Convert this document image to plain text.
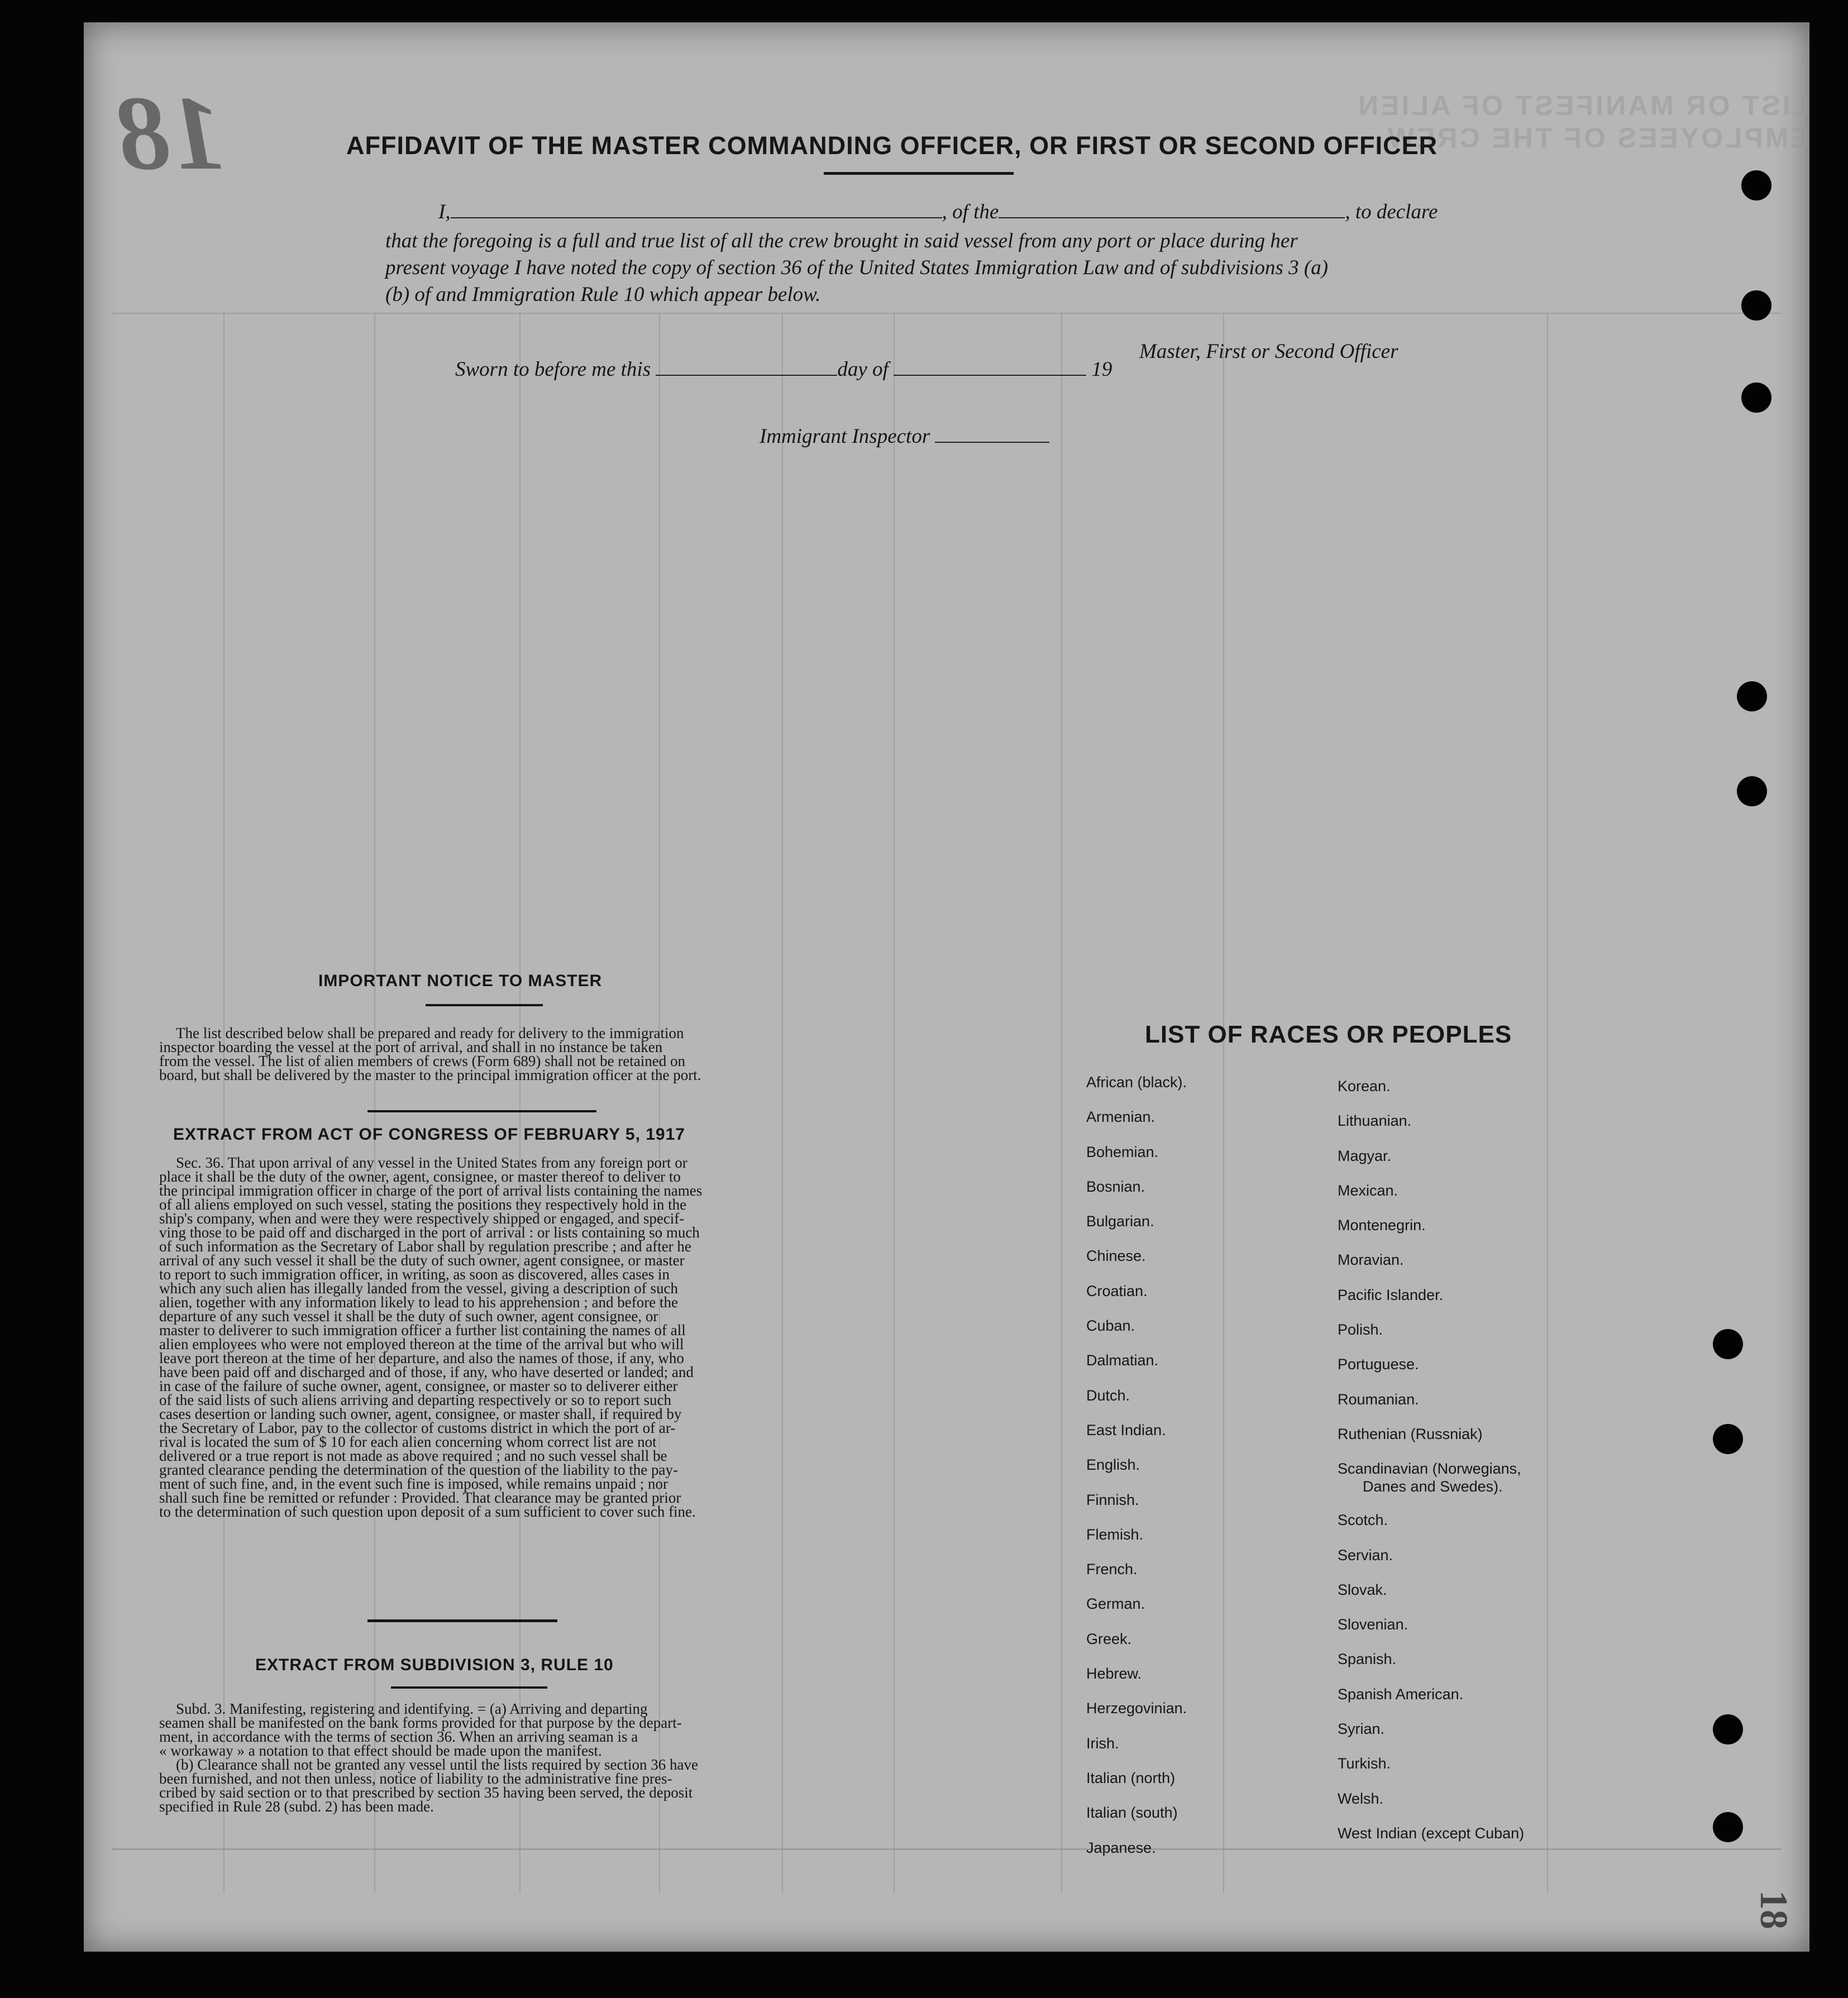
LIST OR MANIFEST OF ALIEN EMPLOYEES OF THE CREW
18
18
AFFIDAVIT OF THE MASTER COMMANDING OFFICER, OR FIRST OR SECOND OFFICER
I,	, of the	, to declare
that the foregoing is a full and true list of all the crew brought in said vessel from any port or place during her
present voyage I have noted the copy of section 36 of the United States Immigration Law and of subdivisions 3 (a)
(b) of and Immigration Rule 10 which appear below.
Master, First or Second Officer
Sworn to before me this	day of	19
Immigrant Inspector
IMPORTANT NOTICE TO MASTER

The list described below shall be prepared and ready for delivery to the immigration

inspector boarding the vessel at the port of arrival, and shall in no instance be taken

from the vessel. The list of alien members of crews (Form 689) shall not be retained on

board, but shall be delivered by the master to the principal immigration officer at the port.

EXTRACT FROM ACT OF CONGRESS OF FEBRUARY 5, 1917

Sec. 36. That upon arrival of any vessel in the United States from any foreign port or

place it shall be the duty of the owner, agent, consignee, or master thereof to deliver to

the principal immigration officer in charge of the port of arrival lists containing the names

of all aliens employed on such vessel, stating the positions they respectively hold in the

ship's company, when and were they were respectively shipped or engaged, and specif-

ving those to be paid off and discharged in the port of arrival : or lists containing so much

of such information as the Secretary of Labor shall by regulation prescribe ; and after he

arrival of any such vessel it shall be the duty of such owner, agent consignee, or master

to report to such immigration officer, in writing, as soon as discovered, alles cases in

which any such alien has illegally landed from the vessel, giving a description of such

alien, together with any information likely to lead to his apprehension ; and before the

departure of any such vessel it shall be the duty of such owner, agent consignee, or

master to deliverer to such immigration officer a further list containing the names of all

alien employees who were not employed thereon at the time of the arrival but who will

leave port thereon at the time of her departure, and also the names of those, if any, who

have been paid off and discharged and of those, if any, who have deserted or landed; and

in case of the failure of suche owner, agent, consignee, or master so to deliverer either

of the said lists of such aliens arriving and departing respectively or so to report such

cases desertion or landing such owner, agent, consignee, or master shall, if required by

the Secretary of Labor, pay to the collector of customs district in which the port of ar-

rival is located the sum of $ 10 for each alien concerning whom correct list are not

delivered or a true report is not made as above required ; and no such vessel shall be

granted clearance pending the determination of the question of the liability to the pay-

ment of such fine, and, in the event such fine is imposed, while remains unpaid ; nor

shall such fine be remitted or refunder : Provided. That clearance may be granted prior

to the determination of such question upon deposit of a sum sufficient to cover such fine.

EXTRACT FROM SUBDIVISION 3, RULE 10

Subd. 3. Manifesting, registering and identifying. = (a) Arriving and departing

seamen shall be manifested on the bank forms provided for that purpose by the depart-

ment, in accordance with the terms of section 36. When an arriving seaman is a

« workaway » a notation to that effect should be made upon the manifest.

(b) Clearance shall not be granted any vessel until the lists required by section 36 have

been furnished, and not then unless, notice of liability to the administrative fine pres-

cribed by said section or to that prescribed by section 35 having been served, the deposit

specified in Rule 28 (subd. 2) has been made.

LIST OF RACES OR PEOPLES
African (black).
Armenian.
Bohemian.
Bosnian.
Bulgarian.
Chinese.
Croatian.
Cuban.
Dalmatian.
Dutch.
East Indian.
English.
Finnish.
Flemish.
French.
German.
Greek.
Hebrew.
Herzegovinian.
Irish.
Italian (north)
Italian (south)
Japanese.
Korean.
Lithuanian.
Magyar.
Mexican.
Montenegrin.
Moravian.
Pacific Islander.
Polish.
Portuguese.
Roumanian.
Ruthenian (Russniak)
Scandinavian (Norwegians,
Danes and Swedes).
Scotch.
Servian.
Slovak.
Slovenian.
Spanish.
Spanish American.
Syrian.
Turkish.
Welsh.
West Indian (except Cuban)
